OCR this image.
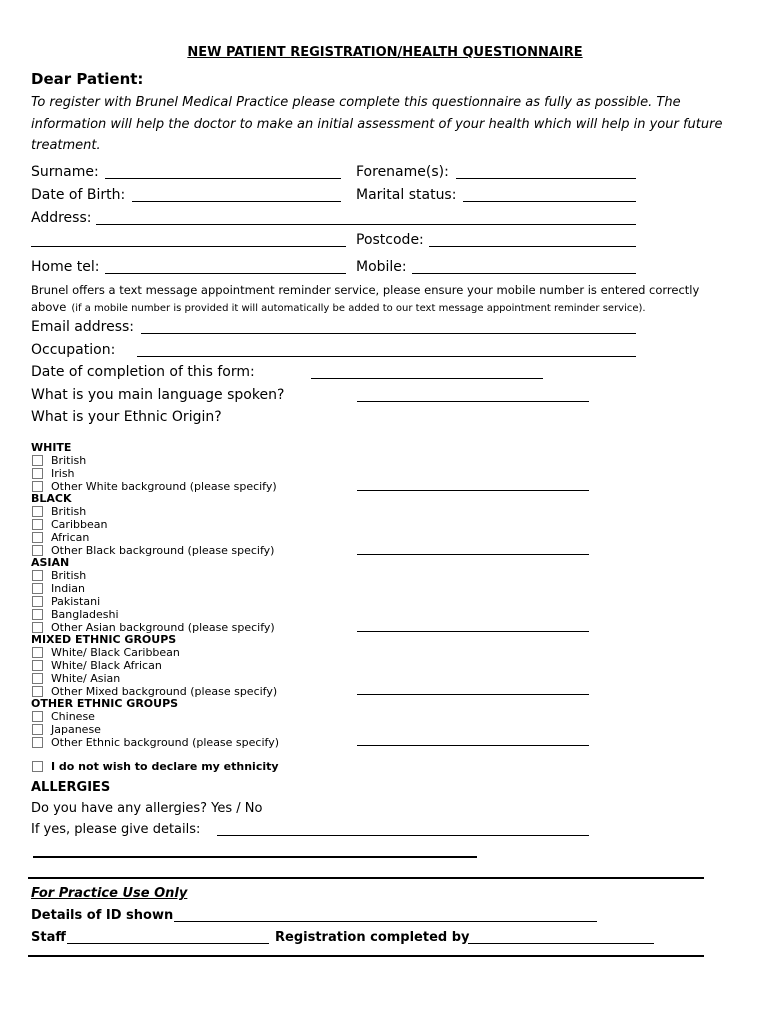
NEW PATIENT REGISTRATION/HEALTH QUESTIONNAIRE
Dear Patient:
To register with Brunel Medical Practice please complete this questionnaire as fully as possible. The information will help the doctor to make an initial assessment of your health which will help in your future treatment.
Surname:	Forename(s):
Date of Birth:	Marital status:
Address:
Postcode:
Home tel:	Mobile:
Brunel offers a text message appointment reminder service, please ensure your mobile number is entered correctly
above (if a mobile number is provided it will automatically be added to our text message appointment reminder service).
Email address:
Occupation:
Date of completion of this form:
What is you main language spoken?
What is your Ethnic Origin?
WHITE
British
Irish
Other White background (please specify)
BLACK
British
Caribbean
African
Other Black background (please specify)
ASIAN
British
Indian
Pakistani
Bangladeshi
Other Asian background (please specify)
MIXED ETHNIC GROUPS
White/ Black Caribbean
White/ Black African
White/ Asian
Other Mixed background (please specify)
OTHER ETHNIC GROUPS
Chinese
Japanese
Other Ethnic background (please specify)
I do not wish to declare my ethnicity
ALLERGIES
Do you have any allergies? Yes / No
If yes, please give details:
For Practice Use Only
Details of ID shown
Staff	Registration completed by
